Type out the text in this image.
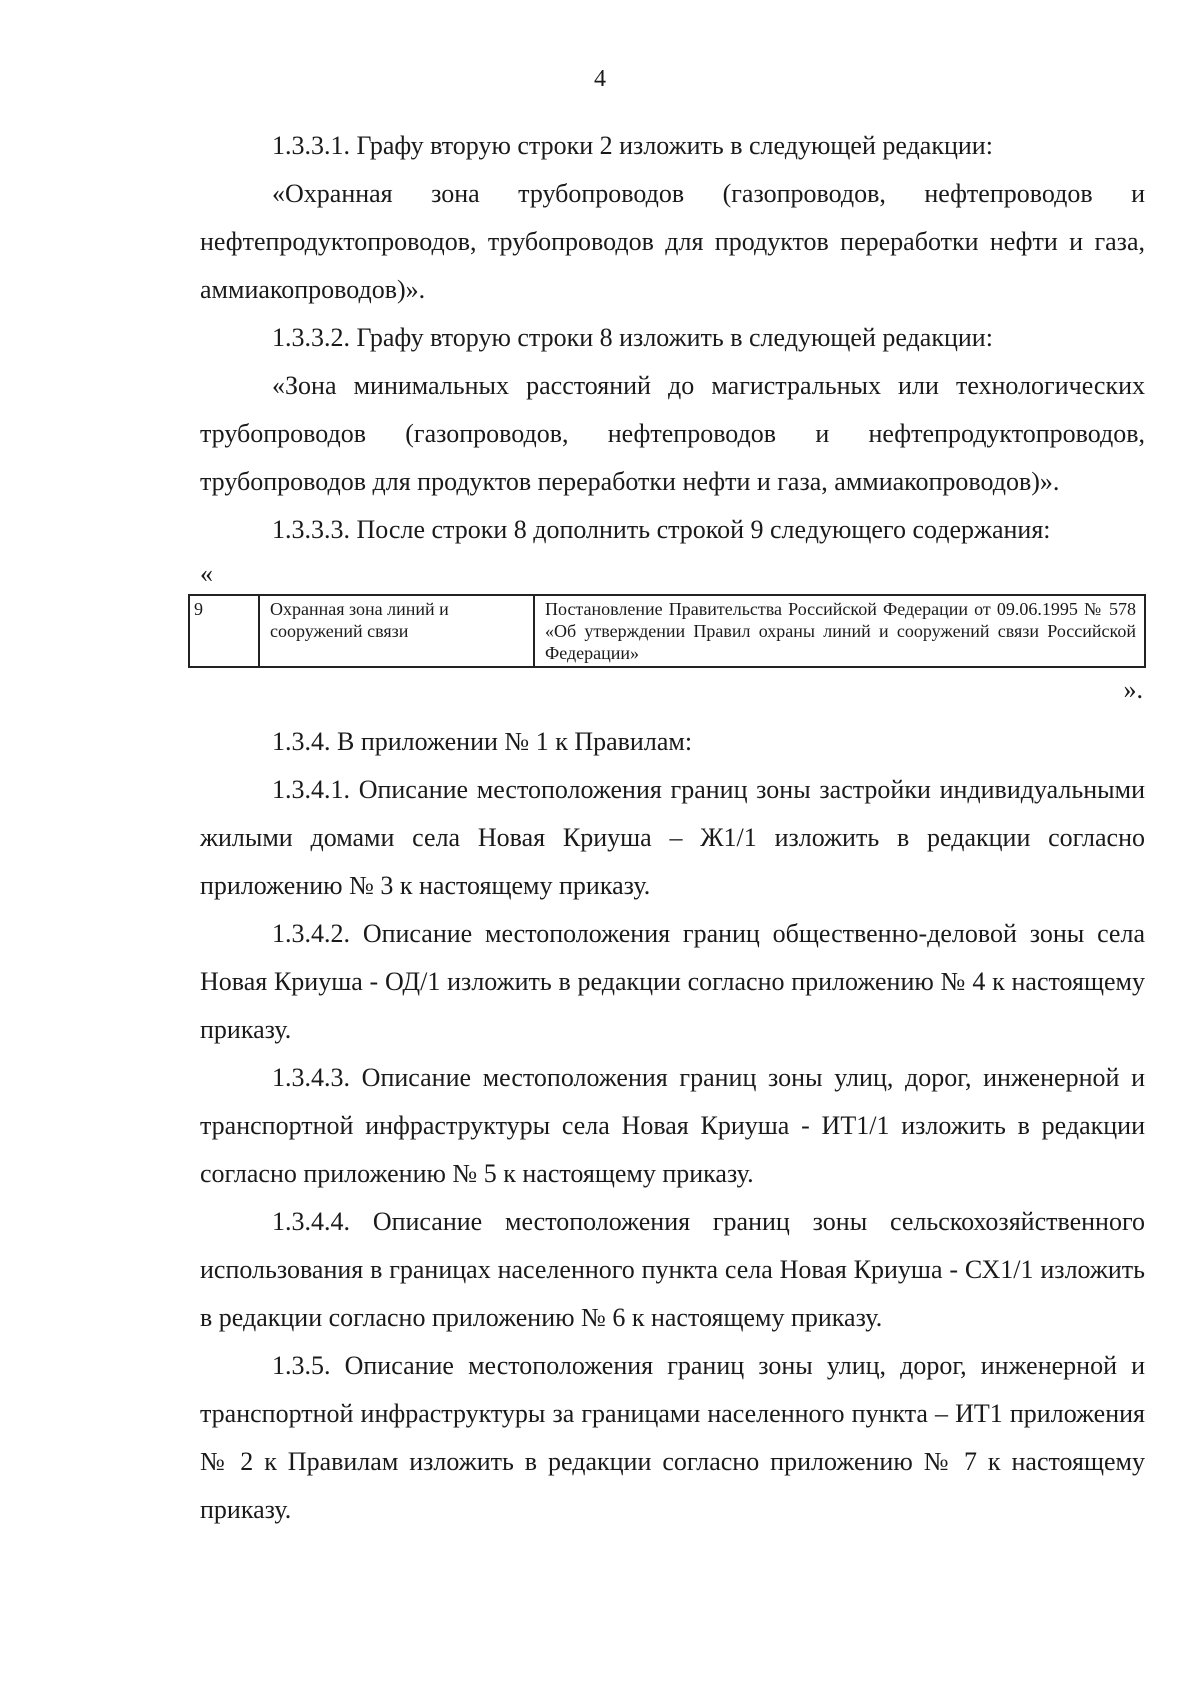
4

1.3.3.1. Графу вторую строки 2 изложить в следующей редакции:

«Охранная зона трубопроводов (газопроводов, нефтепроводов и нефтепродуктопроводов, трубопроводов для продуктов переработки нефти и газа, аммиакопроводов)».

1.3.3.2. Графу вторую строки 8 изложить в следующей редакции:

«Зона минимальных расстояний до магистральных или технологических трубопроводов (газопроводов, нефтепроводов и нефтепродуктопроводов, трубопроводов для продуктов переработки нефти и газа, аммиакопроводов)».

1.3.3.3. После строки 8 дополнить строкой 9 следующего содержания:

«

9	Охранная зона линий и сооружений связи	Постановление Правительства Российской Федерации от 09.06.1995 № 578 «Об утверждении Правил охраны линий и сооружений связи Российской Федерации»

».

1.3.4. В приложении № 1 к Правилам:

1.3.4.1. Описание местоположения границ зоны застройки индивидуальными жилыми домами села Новая Криуша – Ж1/1 изложить в редакции согласно приложению № 3 к настоящему приказу.

1.3.4.2. Описание местоположения границ общественно-деловой зоны села Новая Криуша - ОД/1 изложить в редакции согласно приложению № 4 к настоящему приказу.

1.3.4.3. Описание местоположения границ зоны улиц, дорог, инженерной и транспортной инфраструктуры села Новая Криуша - ИТ1/1 изложить в редакции согласно приложению № 5 к настоящему приказу.

1.3.4.4. Описание местоположения границ зоны сельскохозяйственного использования в границах населенного пункта села Новая Криуша - СХ1/1 изложить в редакции согласно приложению № 6 к настоящему приказу.

1.3.5. Описание местоположения границ зоны улиц, дорог, инженерной и транспортной инфраструктуры за границами населенного пункта – ИТ1 приложения № 2 к Правилам изложить в редакции согласно приложению № 7 к настоящему приказу.
